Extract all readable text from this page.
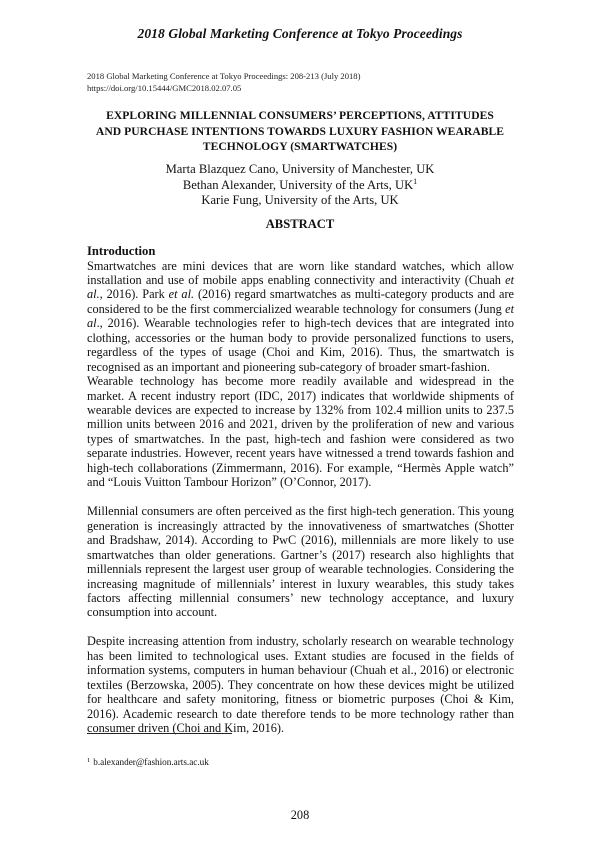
2018 Global Marketing Conference at Tokyo Proceedings
2018 Global Marketing Conference at Tokyo Proceedings: 208-213 (July 2018)
https://doi.org/10.15444/GMC2018.02.07.05
EXPLORING MILLENNIAL CONSUMERS’ PERCEPTIONS, ATTITUDES
AND PURCHASE INTENTIONS TOWARDS LUXURY FASHION WEARABLE
TECHNOLOGY (SMARTWATCHES)
Marta Blazquez Cano, University of Manchester, UK
Bethan Alexander, University of the Arts, $UK^1$
Karie Fung, University of the Arts, UK
ABSTRACT

Introduction

Smartwatches are mini devices that are worn like standard watches, which allow installation and use of mobile apps enabling connectivity and interactivity (Chuah et al., 2016). Park et al. (2016) regard smartwatches as multi-category products and are considered to be the first commercialized wearable technology for consumers (Jung et al., 2016). Wearable technologies refer to high-tech devices that are integrated into clothing, accessories or the human body to provide personalized functions to users, regardless of the types of usage (Choi and Kim, 2016). Thus, the smartwatch is recognised as an important and pioneering sub-category of broader smart-fashion.

Wearable technology has become more readily available and widespread in the market. A recent industry report (IDC, 2017) indicates that worldwide shipments of wearable devices are expected to increase by 132% from 102.4 million units to 237.5 million units between 2016 and 2021, driven by the proliferation of new and various types of smartwatches. In the past, high-tech and fashion were considered as two separate industries. However, recent years have witnessed a trend towards fashion and high-tech collaborations (Zimmermann, 2016). For example, “Hermès Apple watch” and “Louis Vuitton Tambour Horizon” (O’Connor, 2017).

Millennial consumers are often perceived as the first high-tech generation. This young generation is increasingly attracted by the innovativeness of smartwatches (Shotter and Bradshaw, 2014). According to PwC (2016), millennials are more likely to use smartwatches than older generations. Gartner’s (2017) research also highlights that millennials represent the largest user group of wearable technologies. Considering the increasing magnitude of millennials’ interest in luxury wearables, this study takes factors affecting millennial consumers’ new technology acceptance, and luxury consumption into account.

Despite increasing attention from industry, scholarly research on wearable technology has been limited to technological uses. Extant studies are focused in the fields of information systems, computers in human behaviour (Chuah et al., 2016) or electronic textiles (Berzowska, 2005). They concentrate on how these devices might be utilized for healthcare and safety monitoring, fitness or biometric purposes (Choi & Kim, 2016). Academic research to date therefore tends to be more technology rather than consumer driven (Choi and Kim, 2016).

$^1$ b.alexander@fashion.arts.ac.uk
208
